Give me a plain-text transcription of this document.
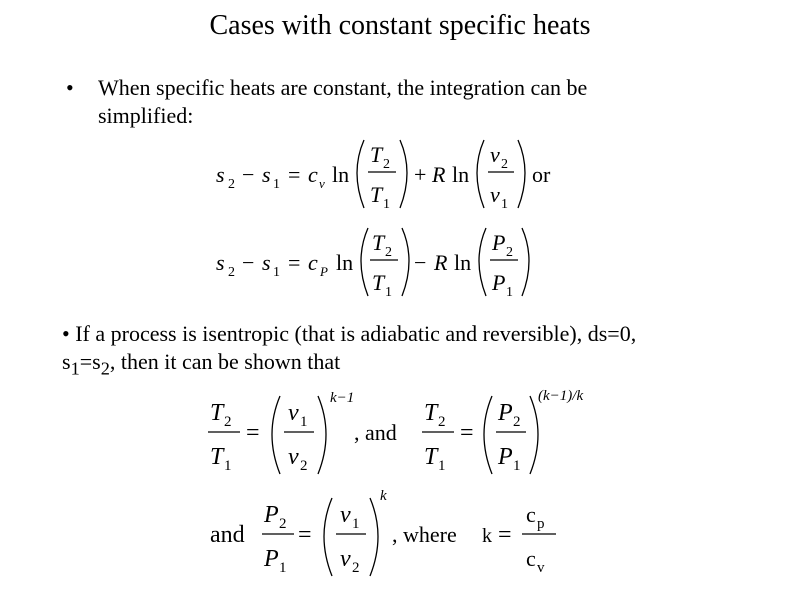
Cases with constant specific heats
• When specific heats are constant, the integration can be
simplified:
• If a process is isentropic (that is adiabatic and reversible), ds=0,
$s_1=s_2$, then it can be shown that
s 2 − s 1 = c v ln
T 2
T 1
+ R ln
v 2
v 1
or
s 2 − s 1 = c P ln
T 2
T 1
− R ln
P 2
P 1
T 2
T 1
=
v 1
v 2
k−1
, and
T 2
T 1
=
P 2
P 1
(k−1)/k
and
P 2
P 1
=
v 1
v 2
k
, where k =
c p
c v
